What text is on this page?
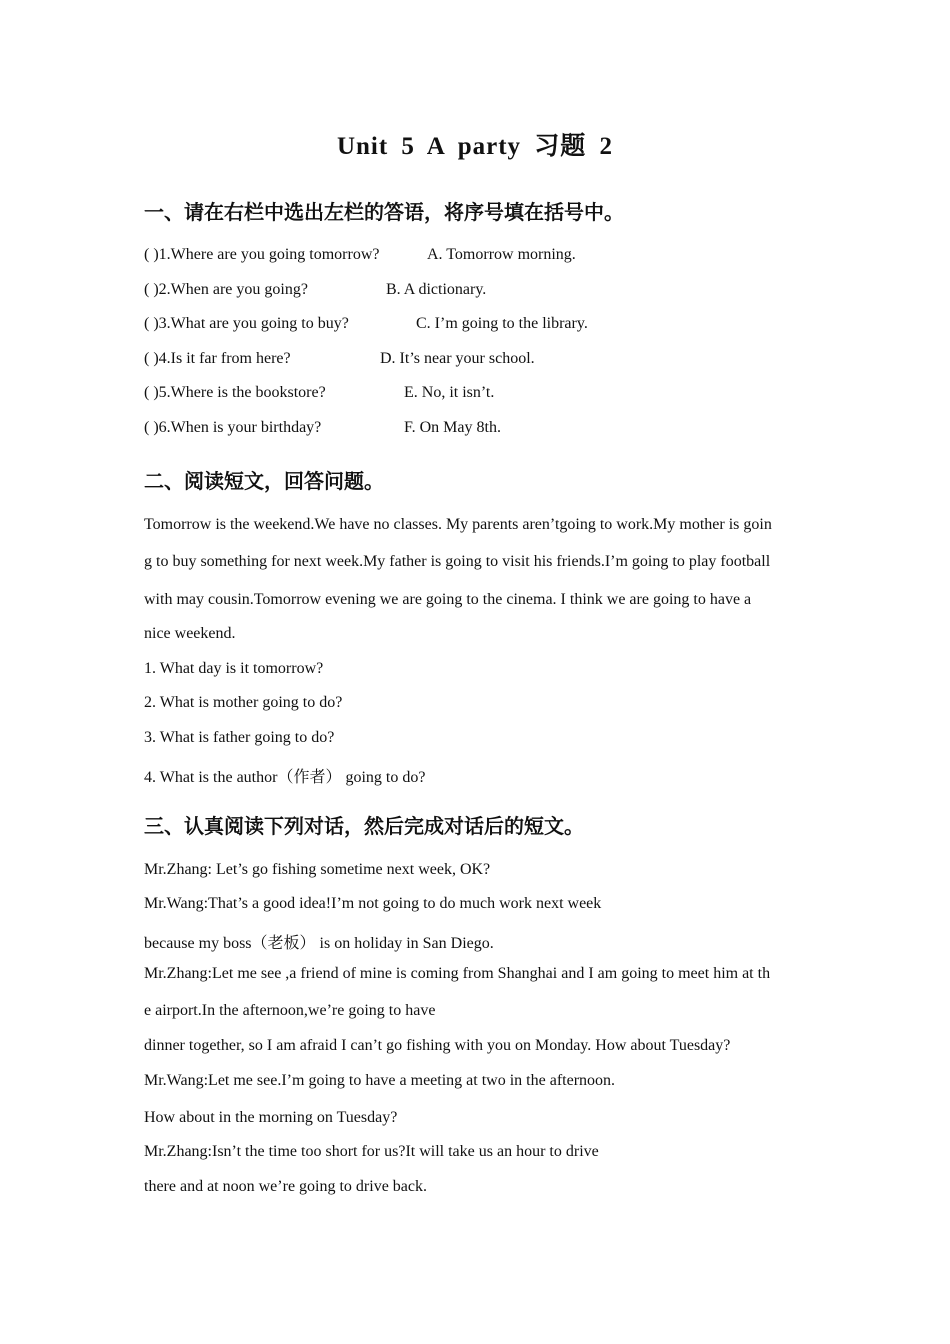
Unit 5 A party 习题 2
一、请在右栏中选出左栏的答语，将序号填在括号中。
( )1.Where are you going tomorrow?	A. Tomorrow morning.
( )2.When are you going?	B. A dictionary.
( )3.What are you going to buy?	C. I’m going to the library.
( )4.Is it far from here?	D. It’s near your school.
( )5.Where is the bookstore?	E. No, it isn’t.
( )6.When is your birthday?	F. On May 8th.
二、阅读短文，回答问题。
Tomorrow is the weekend.We have no classes. My parents aren’tgoing to work.My mother is goin
g to buy something for next week.My father is going to visit his friends.I’m going to play football
with may cousin.Tomorrow evening we are going to the cinema. I think we are going to have a
nice weekend.
1. What day is it tomorrow?
2. What is mother going to do?
3. What is father going to do?
4. What is the author（作者） going to do?
三、认真阅读下列对话，然后完成对话后的短文。
Mr.Zhang: Let’s go fishing sometime next week, OK?
Mr.Wang:That’s a good idea!I’m not going to do much work next week
because my boss（老板） is on holiday in San Diego.
Mr.Zhang:Let me see ,a friend of mine is coming from Shanghai and I am going to meet him at th
e airport.In the afternoon,we’re going to have
dinner together, so I am afraid I can’t go fishing with you on Monday. How about Tuesday?
Mr.Wang:Let me see.I’m going to have a meeting at two in the afternoon.
How about in the morning on Tuesday?
Mr.Zhang:Isn’t the time too short for us?It will take us an hour to drive
there and at noon we’re going to drive back.
